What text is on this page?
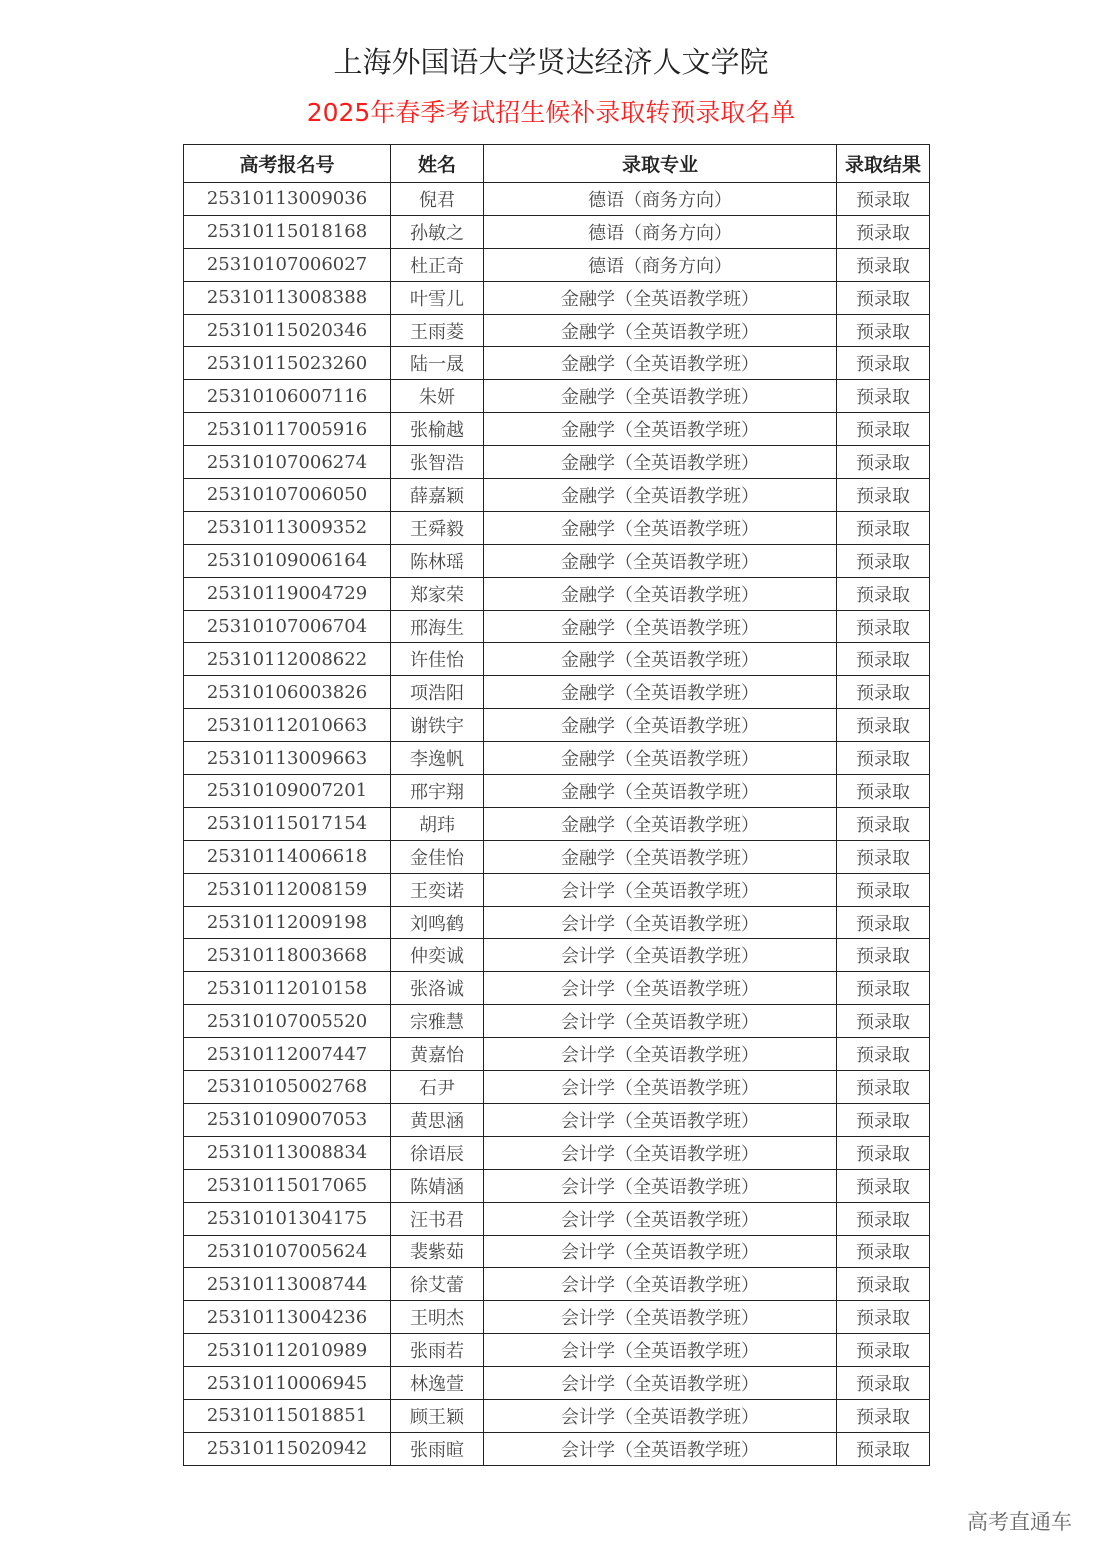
上海外国语大学贤达经济人文学院
2025年春季考试招生候补录取转预录取名单
高考报名号	姓名	录取专业	录取结果
25310113009036	倪君	德语（商务方向）	预录取
25310115018168	孙敏之	德语（商务方向）	预录取
25310107006027	杜正奇	德语（商务方向）	预录取
25310113008388	叶雪儿	金融学（全英语教学班）	预录取
25310115020346	王雨菱	金融学（全英语教学班）	预录取
25310115023260	陆一晟	金融学（全英语教学班）	预录取
25310106007116	朱妍	金融学（全英语教学班）	预录取
25310117005916	张榆越	金融学（全英语教学班）	预录取
25310107006274	张智浩	金融学（全英语教学班）	预录取
25310107006050	薛嘉颖	金融学（全英语教学班）	预录取
25310113009352	王舜毅	金融学（全英语教学班）	预录取
25310109006164	陈林瑶	金融学（全英语教学班）	预录取
25310119004729	郑家荣	金融学（全英语教学班）	预录取
25310107006704	邢海生	金融学（全英语教学班）	预录取
25310112008622	许佳怡	金融学（全英语教学班）	预录取
25310106003826	项浩阳	金融学（全英语教学班）	预录取
25310112010663	谢铁宇	金融学（全英语教学班）	预录取
25310113009663	李逸帆	金融学（全英语教学班）	预录取
25310109007201	邢宇翔	金融学（全英语教学班）	预录取
25310115017154	胡玮	金融学（全英语教学班）	预录取
25310114006618	金佳怡	金融学（全英语教学班）	预录取
25310112008159	王奕诺	会计学（全英语教学班）	预录取
25310112009198	刘鸣鹤	会计学（全英语教学班）	预录取
25310118003668	仲奕诚	会计学（全英语教学班）	预录取
25310112010158	张洛诚	会计学（全英语教学班）	预录取
25310107005520	宗雅慧	会计学（全英语教学班）	预录取
25310112007447	黄嘉怡	会计学（全英语教学班）	预录取
25310105002768	石尹	会计学（全英语教学班）	预录取
25310109007053	黄思涵	会计学（全英语教学班）	预录取
25310113008834	徐语辰	会计学（全英语教学班）	预录取
25310115017065	陈婧涵	会计学（全英语教学班）	预录取
25310101304175	汪书君	会计学（全英语教学班）	预录取
25310107005624	裴紫茹	会计学（全英语教学班）	预录取
25310113008744	徐艾蕾	会计学（全英语教学班）	预录取
25310113004236	王明杰	会计学（全英语教学班）	预录取
25310112010989	张雨若	会计学（全英语教学班）	预录取
25310110006945	林逸萱	会计学（全英语教学班）	预录取
25310115018851	顾王颖	会计学（全英语教学班）	预录取
25310115020942	张雨暄	会计学（全英语教学班）	预录取
高考直通车
